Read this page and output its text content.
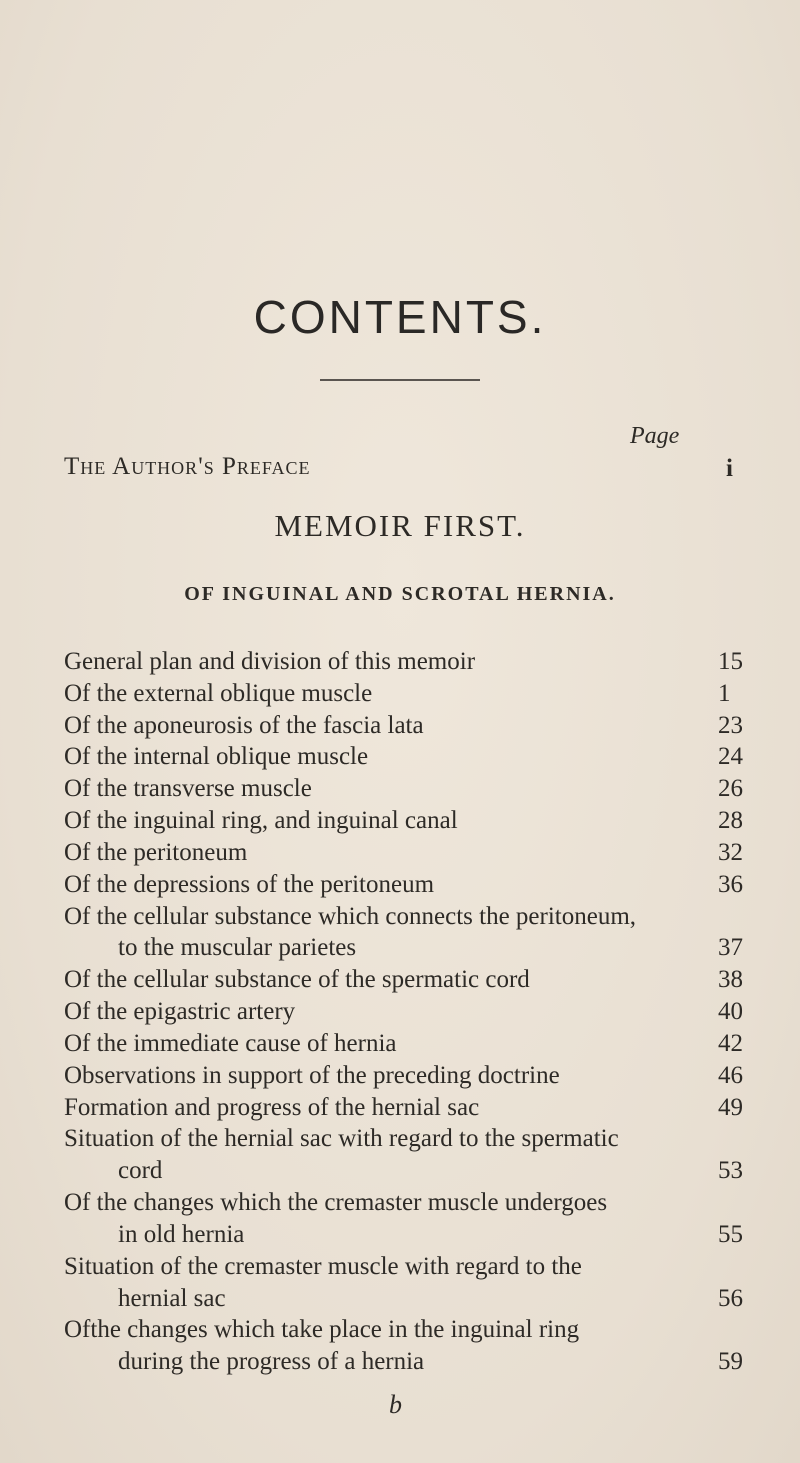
CONTENTS.
Page
The Author's Preface	i
MEMOIR FIRST.
OF INGUINAL AND SCROTAL HERNIA.
General plan and division of this memoir	15
Of the external oblique muscle	1
Of the aponeurosis of the fascia lata	23
Of the internal oblique muscle	24
Of the transverse muscle	26
Of the inguinal ring, and inguinal canal	28
Of the peritoneum	32
Of the depressions of the peritoneum	36
Of the cellular substance which connects the peritoneum,
to the muscular parietes	37
Of the cellular substance of the spermatic cord	38
Of the epigastric artery	40
Of the immediate cause of hernia	42
Observations in support of the preceding doctrine	46
Formation and progress of the hernial sac	49
Situation of the hernial sac with regard to the spermatic
cord	53
Of the changes which the cremaster muscle undergoes
in old hernia	55
Situation of the cremaster muscle with regard to the
hernial sac	56
Ofthe changes which take place in the inguinal ring
during the progress of a hernia	59
b
